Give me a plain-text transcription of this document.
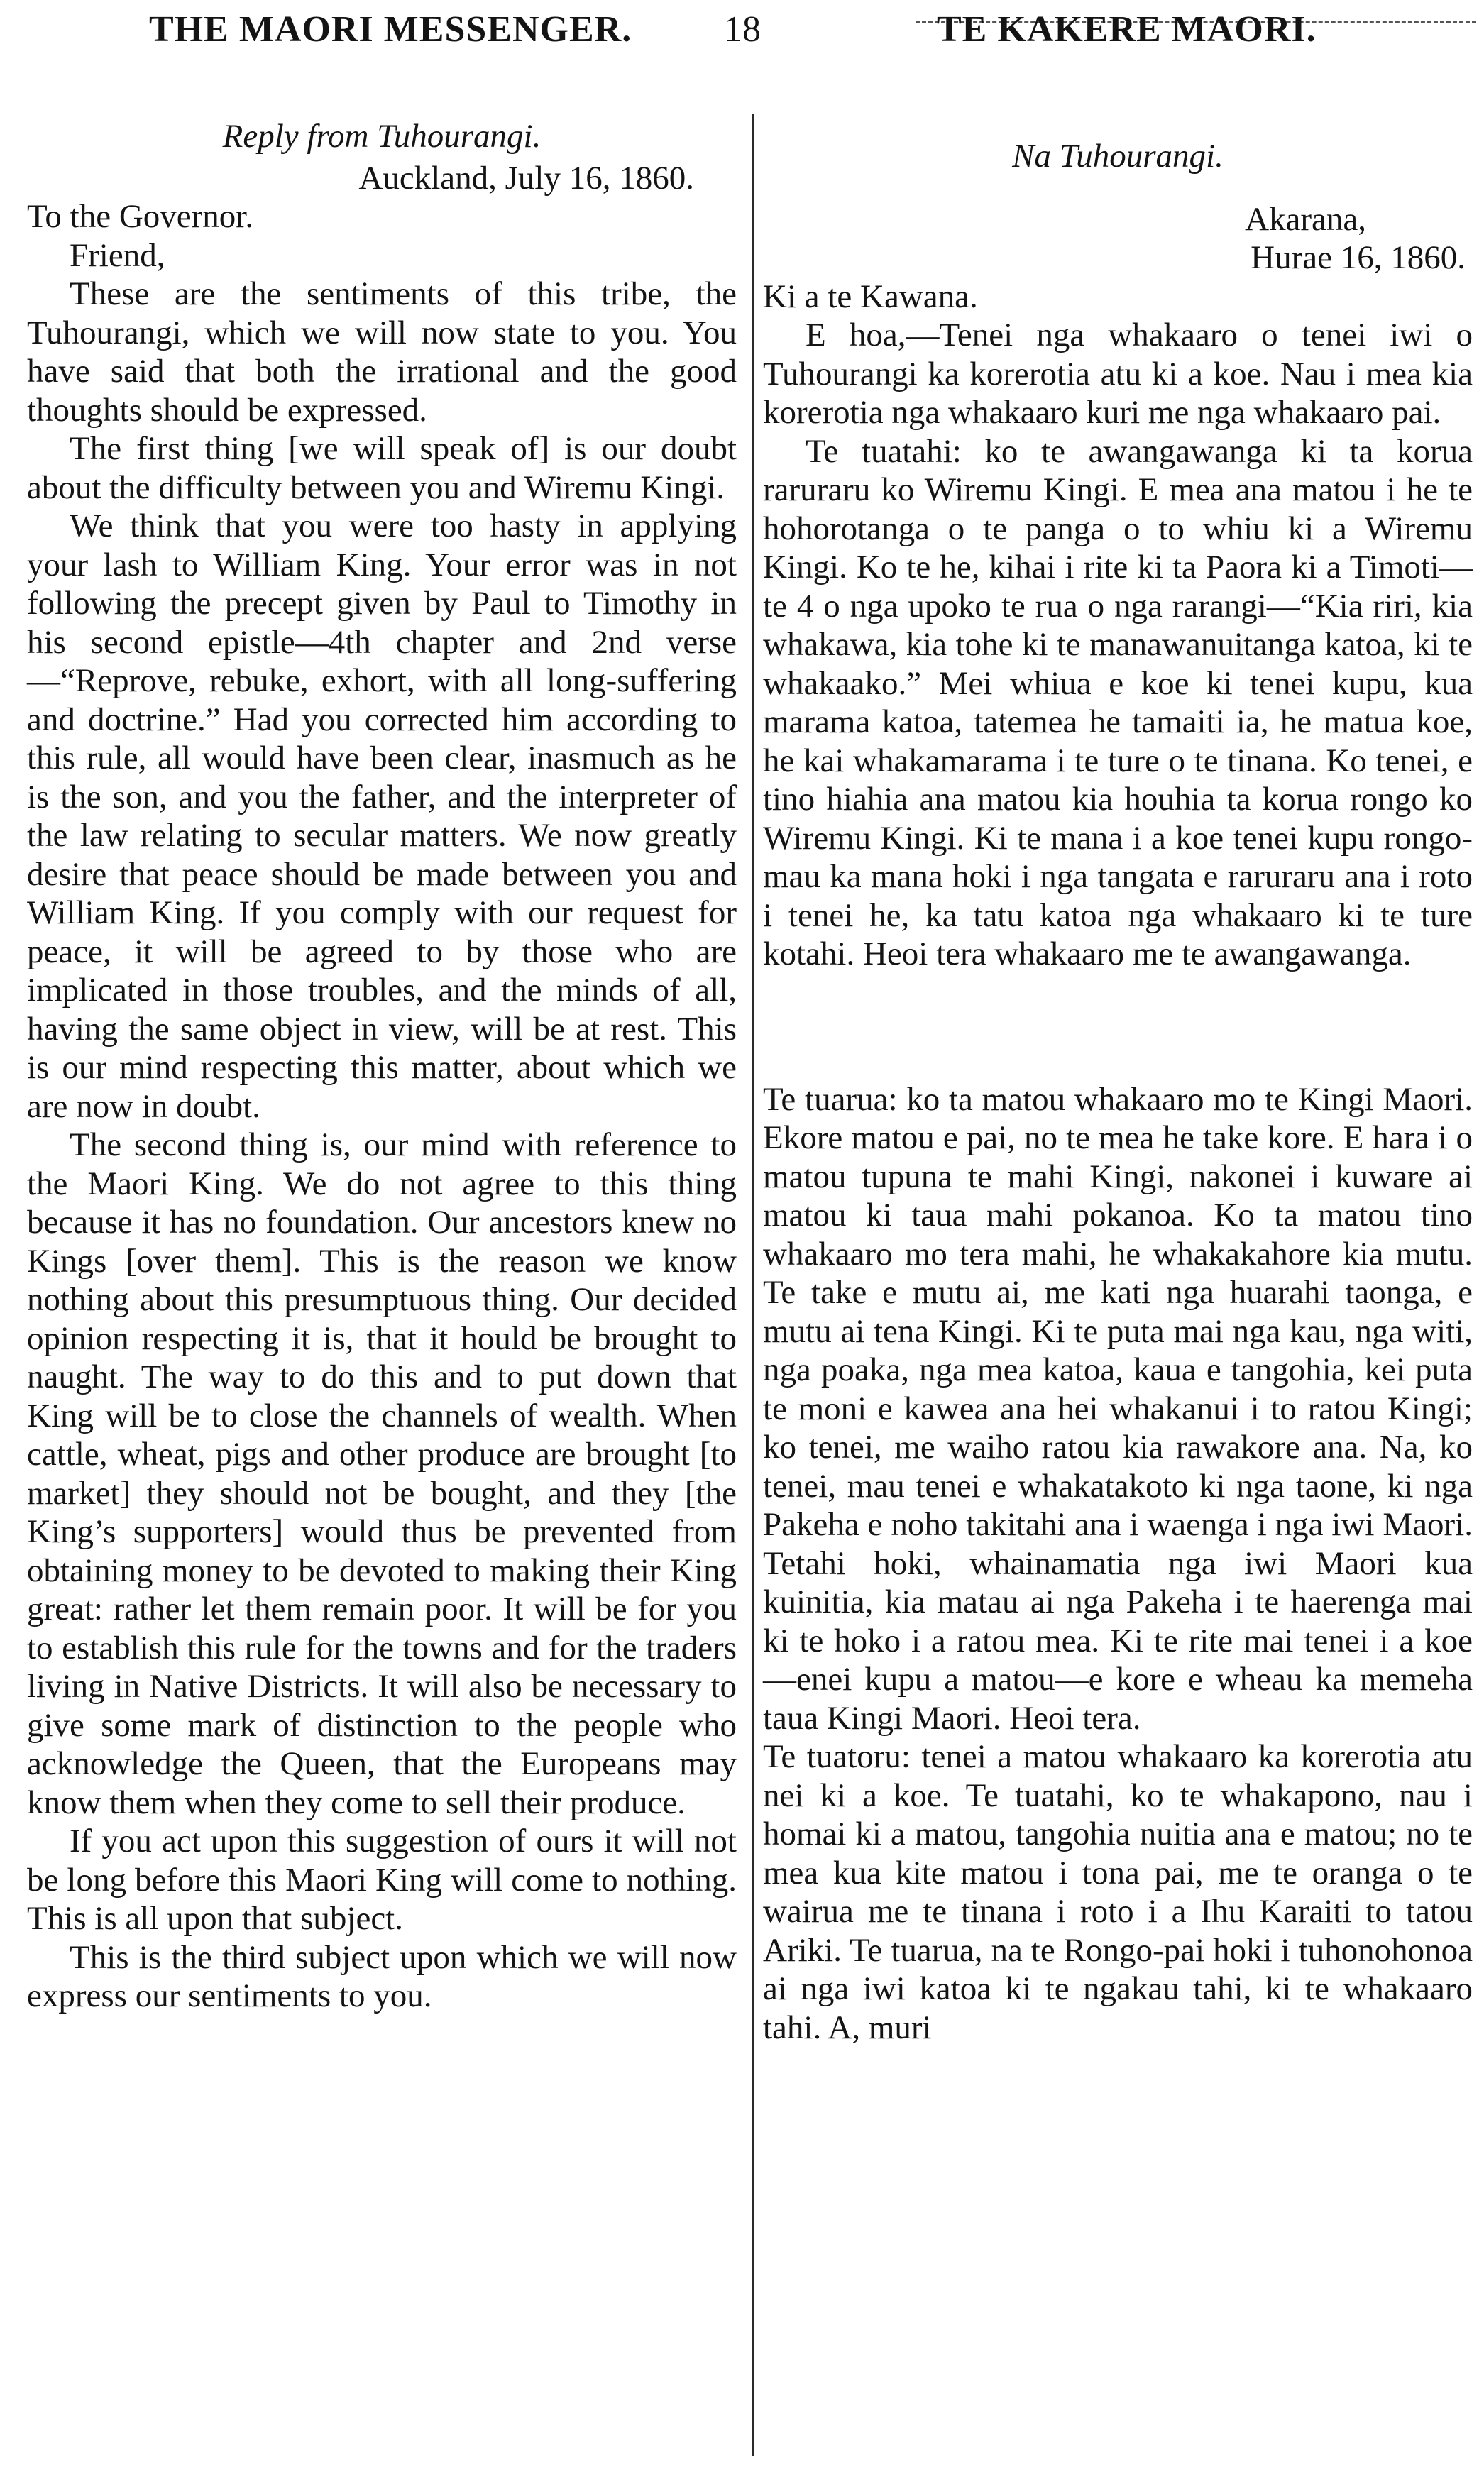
THE MAORI MESSENGER. 18	TE KAKERE MAORI.

Reply from Tuhourangi.

Auckland, July 16, 1860.

To the Governor.

Friend,

These are the sentiments of this tribe, the Tuhourangi, which we will now state to you. You have said that both the irrational and the good thoughts should be expressed.

The first thing [we will speak of] is our doubt about the difficulty between you and Wiremu Kingi.

We think that you were too hasty in applying your lash to William King. Your error was in not following the precept given by Paul to Timothy in his second epistle—4th chapter and 2nd verse—“Reprove, rebuke, exhort, with all long-suffering and doctrine.” Had you corrected him according to this rule, all would have been clear, inasmuch as he is the son, and you the father, and the interpreter of the law relating to secular matters. We now greatly desire that peace should be made between you and William King. If you comply with our request for peace, it will be agreed to by those who are implicated in those troubles, and the minds of all, having the same object in view, will be at rest. This is our mind respecting this matter, about which we are now in doubt.

The second thing is, our mind with reference to the Maori King. We do not agree to this thing because it has no foundation. Our ancestors knew no Kings [over them]. This is the reason we know nothing about this presumptuous thing. Our decided opinion respecting it is, that it hould be brought to naught. The way to do this and to put down that King will be to close the channels of wealth. When cattle, wheat, pigs and other produce are brought [to market] they should not be bought, and they [the King’s supporters] would thus be prevented from obtaining money to be devoted to making their King great: rather let them remain poor. It will be for you to establish this rule for the towns and for the traders living in Native Districts. It will also be necessary to give some mark of distinction to the people who acknowledge the Queen, that the Europeans may know them when they come to sell their produce.

If you act upon this suggestion of ours it will not be long before this Maori King will come to nothing. This is all upon that subject.

This is the third subject upon which we will now express our sentiments to you.

Na Tuhourangi.

Akarana,

Hurae 16, 1860.

Ki a te Kawana.

E hoa,—Tenei nga whakaaro o tenei iwi o Tuhourangi ka korerotia atu ki a koe. Nau i mea kia korerotia nga whakaaro kuri me nga whakaaro pai.

Te tuatahi: ko te awangawanga ki ta korua raruraru ko Wiremu Kingi. E mea ana matou i he te hohorotanga o te panga o to whiu ki a Wiremu Kingi. Ko te he, kihai i rite ki ta Paora ki a Timoti—te 4 o nga upoko te rua o nga rarangi—“Kia riri, kia whakawa, kia tohe ki te manawanuitanga katoa, ki te whakaako.” Mei whiua e koe ki tenei kupu, kua marama katoa, tatemea he tamaiti ia, he matua koe, he kai whakamarama i te ture o te tinana. Ko tenei, e tino hiahia ana matou kia houhia ta korua rongo ko Wiremu Kingi. Ki te mana i a koe tenei kupu rongo-mau ka mana hoki i nga tangata e raruraru ana i roto i tenei he, ka tatu katoa nga whakaaro ki te ture kotahi. Heoi tera whakaaro me te awangawanga.

Te tuarua: ko ta matou whakaaro mo te Kingi Maori. Ekore matou e pai, no te mea he take kore. E hara i o matou tupuna te mahi Kingi, nakonei i kuware ai matou ki taua mahi pokanoa. Ko ta matou tino whakaaro mo tera mahi, he whakakahore kia mutu. Te take e mutu ai, me kati nga huarahi taonga, e mutu ai tena Kingi. Ki te puta mai nga kau, nga witi, nga poaka, nga mea katoa, kaua e tangohia, kei puta te moni e kawea ana hei whakanui i to ratou Kingi; ko tenei, me waiho ratou kia rawakore ana. Na, ko tenei, mau tenei e whakatakoto ki nga taone, ki nga Pakeha e noho takitahi ana i waenga i nga iwi Maori. Tetahi hoki, whainamatia nga iwi Maori kua kuinitia, kia matau ai nga Pakeha i te haerenga mai ki te hoko i a ratou mea. Ki te rite mai tenei i a koe—enei kupu a matou—e kore e wheau ka memeha taua Kingi Maori. Heoi tera.

Te tuatoru: tenei a matou whakaaro ka korerotia atu nei ki a koe. Te tuatahi, ko te whakapono, nau i homai ki a matou, tangohia nuitia ana e matou; no te mea kua kite matou i tona pai, me te oranga o te wairua me te tinana i roto i a Ihu Karaiti to tatou Ariki. Te tuarua, na te Rongo-pai hoki i tuhonohonoa ai nga iwi katoa ki te ngakau tahi, ki te whakaaro tahi. A, muri
